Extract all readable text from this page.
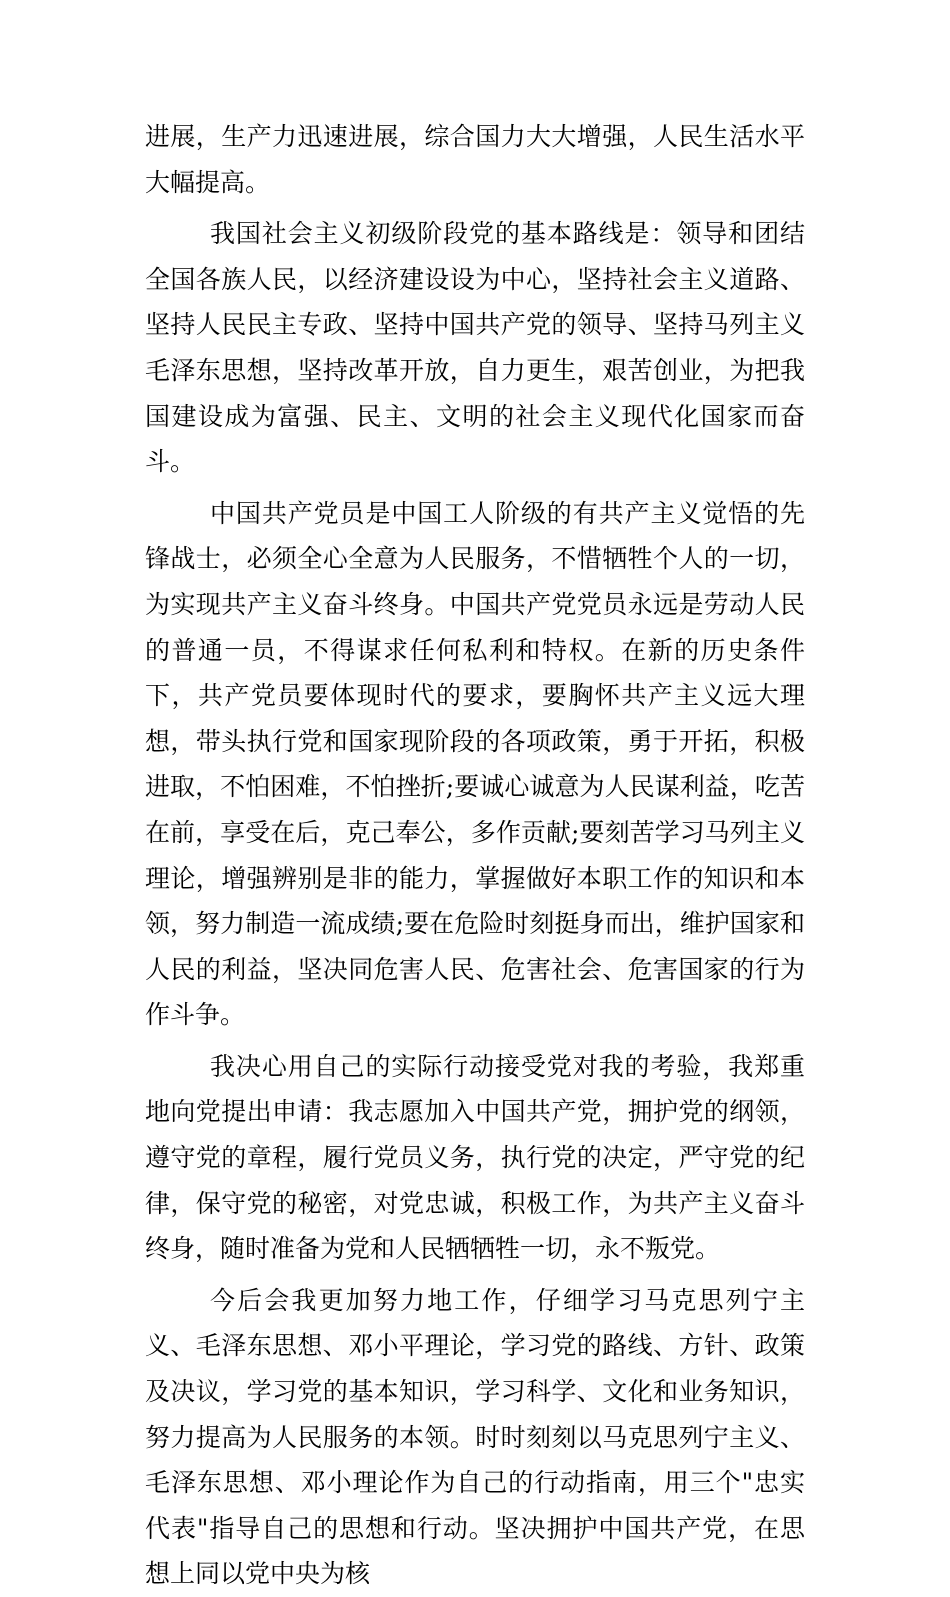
进展，生产力迅速进展，综合国力大大增强，人民生活水平大幅提高。

我国社会主义初级阶段党的基本路线是：领导和团结全国各族人民，以经济建设设为中心，坚持社会主义道路、坚持人民民主专政、坚持中国共产党的领导、坚持马列主义毛泽东思想，坚持改革开放，自力更生，艰苦创业，为把我国建设成为富强、民主、文明的社会主义现代化国家而奋斗。

中国共产党员是中国工人阶级的有共产主义觉悟的先锋战士，必须全心全意为人民服务，不惜牺牲个人的一切，为实现共产主义奋斗终身。中国共产党党员永远是劳动人民的普通一员，不得谋求任何私利和特权。在新的历史条件下，共产党员要体现时代的要求，要胸怀共产主义远大理想，带头执行党和国家现阶段的各项政策，勇于开拓，积极进取，不怕困难，不怕挫折;要诚心诚意为人民谋利益，吃苦在前，享受在后，克己奉公，多作贡献;要刻苦学习马列主义理论，增强辨别是非的能力，掌握做好本职工作的知识和本领，努力制造一流成绩;要在危险时刻挺身而出，维护国家和人民的利益，坚决同危害人民、危害社会、危害国家的行为作斗争。

我决心用自己的实际行动接受党对我的考验，我郑重地向党提出申请：我志愿加入中国共产党，拥护党的纲领，遵守党的章程，履行党员义务，执行党的决定，严守党的纪律，保守党的秘密，对党忠诚，积极工作，为共产主义奋斗终身，随时准备为党和人民牺牺牲一切，永不叛党。

今后会我更加努力地工作，仔细学习马克思列宁主义、毛泽东思想、邓小平理论，学习党的路线、方针、政策及决议，学习党的基本知识，学习科学、文化和业务知识，努力提高为人民服务的本领。时时刻刻以马克思列宁主义、毛泽东思想、邓小理论作为自己的行动指南，用三个"忠实代表"指导自己的思想和行动。坚决拥护中国共产党，在思想上同以党中央为核
